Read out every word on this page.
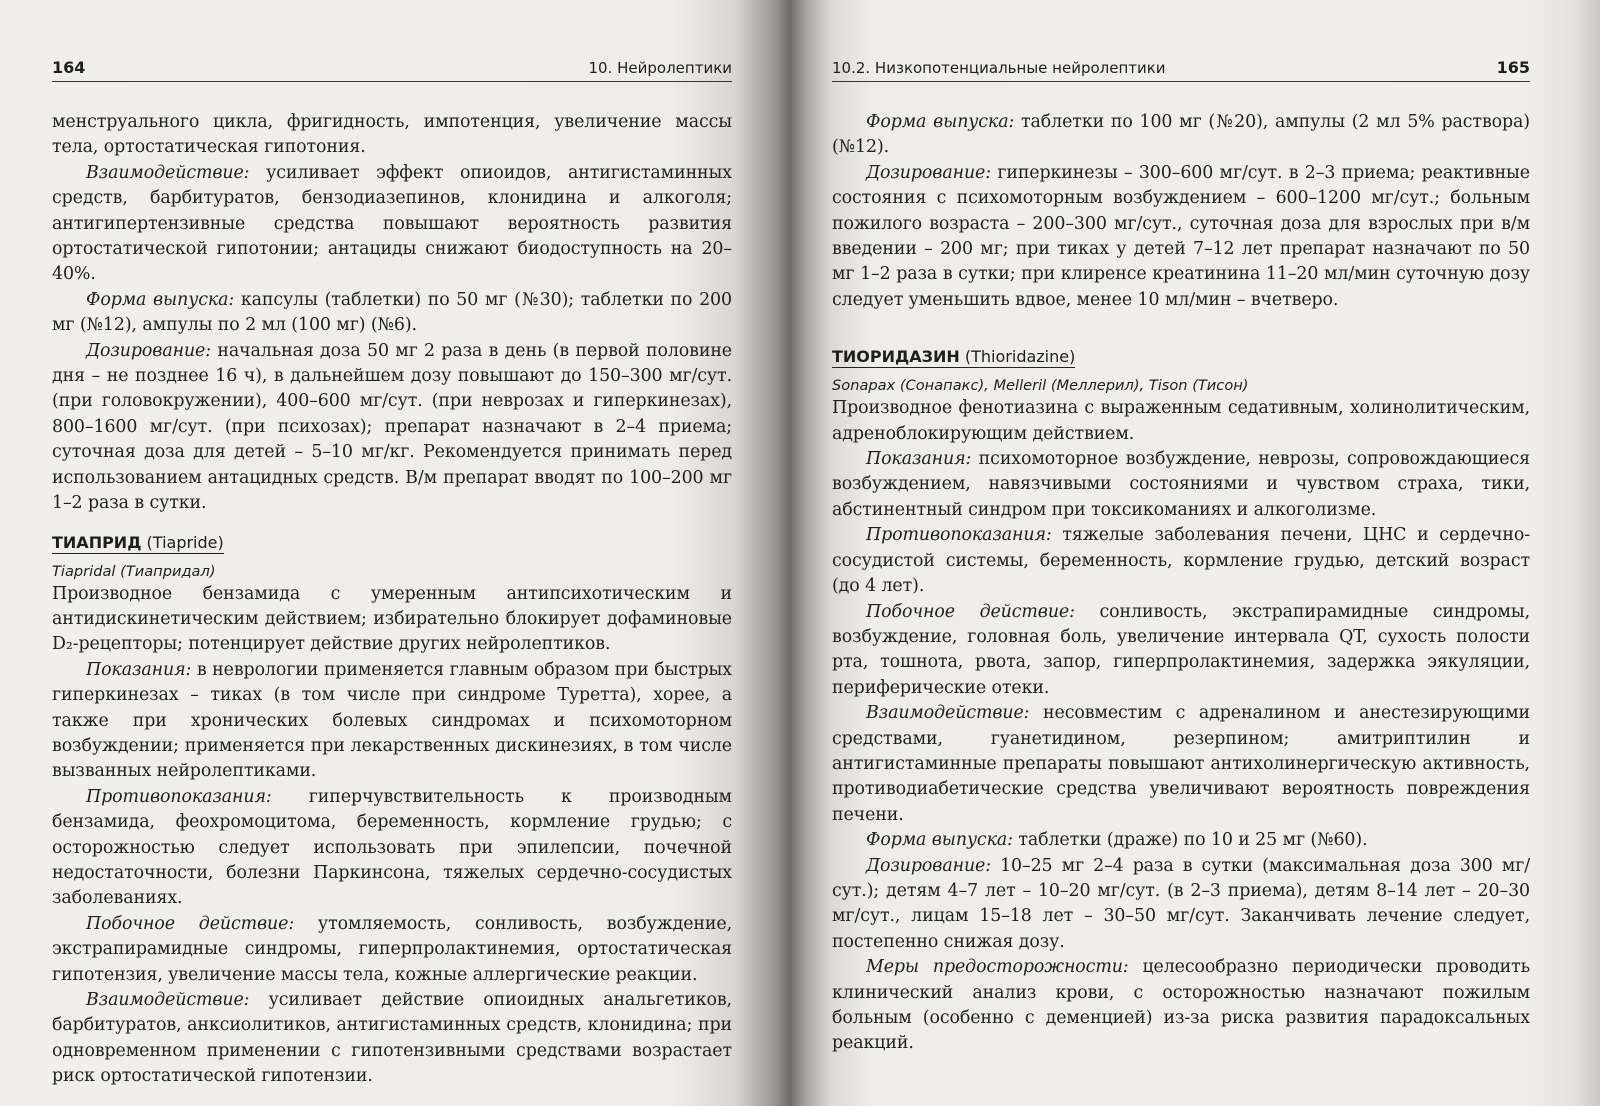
164	10. Нейролептики

менструального цикла, фригидность, импотенция, увеличение массы тела, ортостатическая гипотония.

Взаимодействие: усиливает эффект опиоидов, антигистаминных средств, барбитуратов, бензодиазепинов, клонидина и алкоголя; антигипертензивные средства повышают вероятность развития ортостатической гипотонии; антациды снижают биодоступность на 20–40%.

Форма выпуска: капсулы (таблетки) по 50 мг (№30); таблетки по 200 мг (№12), ампулы по 2 мл (100 мг) (№6).

Дозирование: начальная доза 50 мг 2 раза в день (в первой половине дня – не позднее 16 ч), в дальнейшем дозу повышают до 150–300 мг/сут. (при головокружении), 400–600 мг/сут. (при неврозах и гиперкинезах), 800–1600 мг/сут. (при психозах); препарат назначают в 2–4 приема; суточная доза для детей – 5–10 мг/кг. Рекомендуется принимать перед использованием антацидных средств. В/м препарат вводят по 100–200 мг 1–2 раза в сутки.

ТИАПРИД (Tiapride)
Tiapridal (Тиапридал)

Производное бензамида с умеренным антипсихотическим и антидискинетическим действием; избирательно блокирует дофаминовые D₂-рецепторы; потенцирует действие других нейролептиков.

Показания: в неврологии применяется главным образом при быстрых гиперкинезах – тиках (в том числе при синдроме Туретта), хорее, а также при хронических болевых синдромах и психомоторном возбуждении; применяется при лекарственных дискинезиях, в том числе вызванных нейролептиками.

Противопоказания: гиперчувствительность к производным бензамида, феохромоцитома, беременность, кормление грудью; с осторожностью следует использовать при эпилепсии, почечной недостаточности, болезни Паркинсона, тяжелых сердечно-сосудистых заболеваниях.

Побочное действие: утомляемость, сонливость, возбуждение, экстрапирамидные синдромы, гиперпролактинемия, ортостатическая гипотензия, увеличение массы тела, кожные аллергические реакции.

Взаимодействие: усиливает действие опиоидных анальгетиков, барбитуратов, анксиолитиков, антигистаминных средств, клонидина; при одновременном применении с гипотензивными средствами возрастает риск ортостатической гипотензии.

10.2. Низкопотенциальные нейролептики	165

Форма выпуска: таблетки по 100 мг (№20), ампулы (2 мл 5% раствора) (№12).

Дозирование: гиперкинезы – 300–600 мг/сут. в 2–3 приема; реактивные состояния с психомоторным возбуждением – 600–1200 мг/сут.; больным пожилого возраста – 200–300 мг/сут., суточная доза для взрослых при в/м введении – 200 мг; при тиках у детей 7–12 лет препарат назначают по 50 мг 1–2 раза в сутки; при клиренсе креатинина 11–20 мл/мин суточную дозу следует уменьшить вдвое, менее 10 мл/мин – вчетверо.

ТИОРИДАЗИН (Thioridazine)
Sonapax (Сонапакс), Melleril (Меллерил), Tison (Тисон)

Производное фенотиазина с выраженным седативным, холинолитическим, адреноблокирующим действием.

Показания: психомоторное возбуждение, неврозы, сопровождающиеся возбуждением, навязчивыми состояниями и чувством страха, тики, абстинентный синдром при токсикоманиях и алкоголизме.

Противопоказания: тяжелые заболевания печени, ЦНС и сердечно-сосудистой системы, беременность, кормление грудью, детский возраст (до 4 лет).

Побочное действие: сонливость, экстрапирамидные синдромы, возбуждение, головная боль, увеличение интервала QT, сухость полости рта, тошнота, рвота, запор, гиперпролактинемия, задержка эякуляции, периферические отеки.

Взаимодействие: несовместим с адреналином и анестезирующими средствами, гуанетидином, резерпином; амитриптилин и антигистаминные препараты повышают антихолинергическую активность, противодиабетические средства увеличивают вероятность повреждения печени.

Форма выпуска: таблетки (драже) по 10 и 25 мг (№60).

Дозирование: 10–25 мг 2–4 раза в сутки (максимальная доза 300 мг/сут.); детям 4–7 лет – 10–20 мг/сут. (в 2–3 приема), детям 8–14 лет – 20–30 мг/сут., лицам 15–18 лет – 30–50 мг/сут. Заканчивать лечение следует, постепенно снижая дозу.

Меры предосторожности: целесообразно периодически проводить клинический анализ крови, с осторожностью назначают пожилым больным (особенно с деменцией) из-за риска развития парадоксальных реакций.
